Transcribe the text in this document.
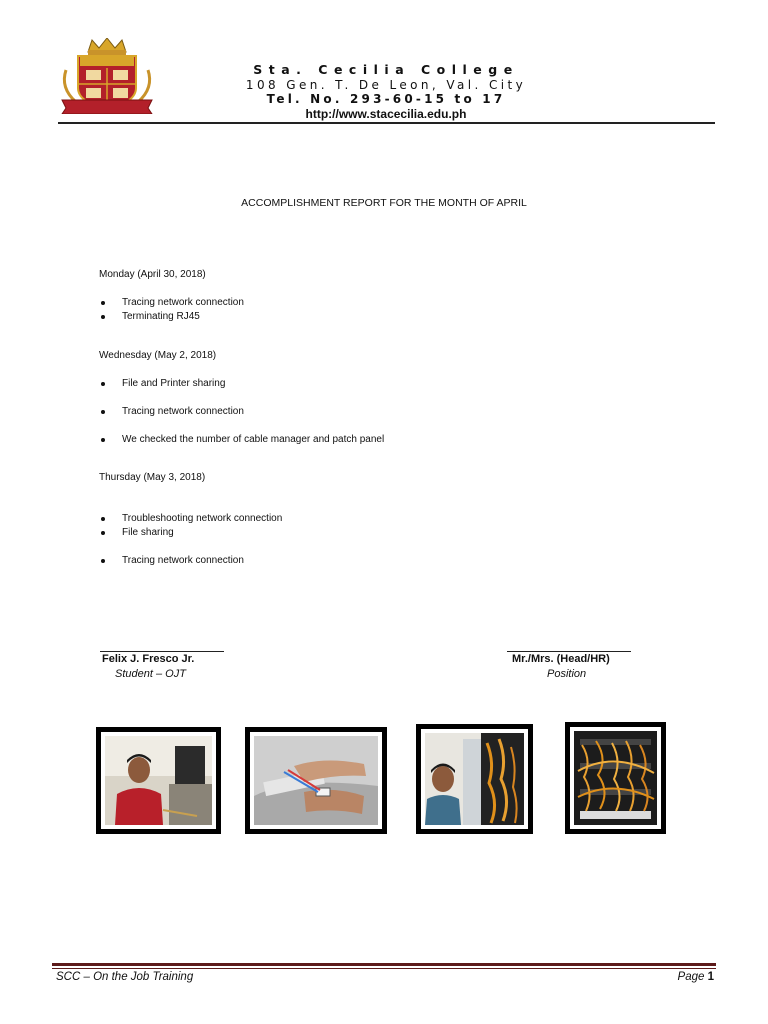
Sta. Cecilia College
108 Gen. T. De Leon, Val. City
Tel. No. 293-60-15 to 17
http://www.stacecilia.edu.ph
ACCOMPLISHMENT REPORT FOR THE MONTH OF APRIL
Monday (April 30, 2018)
Tracing network connection
Terminating RJ45
Wednesday (May 2, 2018)
File and Printer sharing
Tracing network connection
We checked the number of cable manager and patch panel
Thursday (May 3, 2018)
Troubleshooting network connection
File sharing
Tracing network connection
Felix J. Fresco Jr.
Student – OJT
Mr./Mrs. (Head/HR)
Position
SCC – On the Job Training	Page 1
